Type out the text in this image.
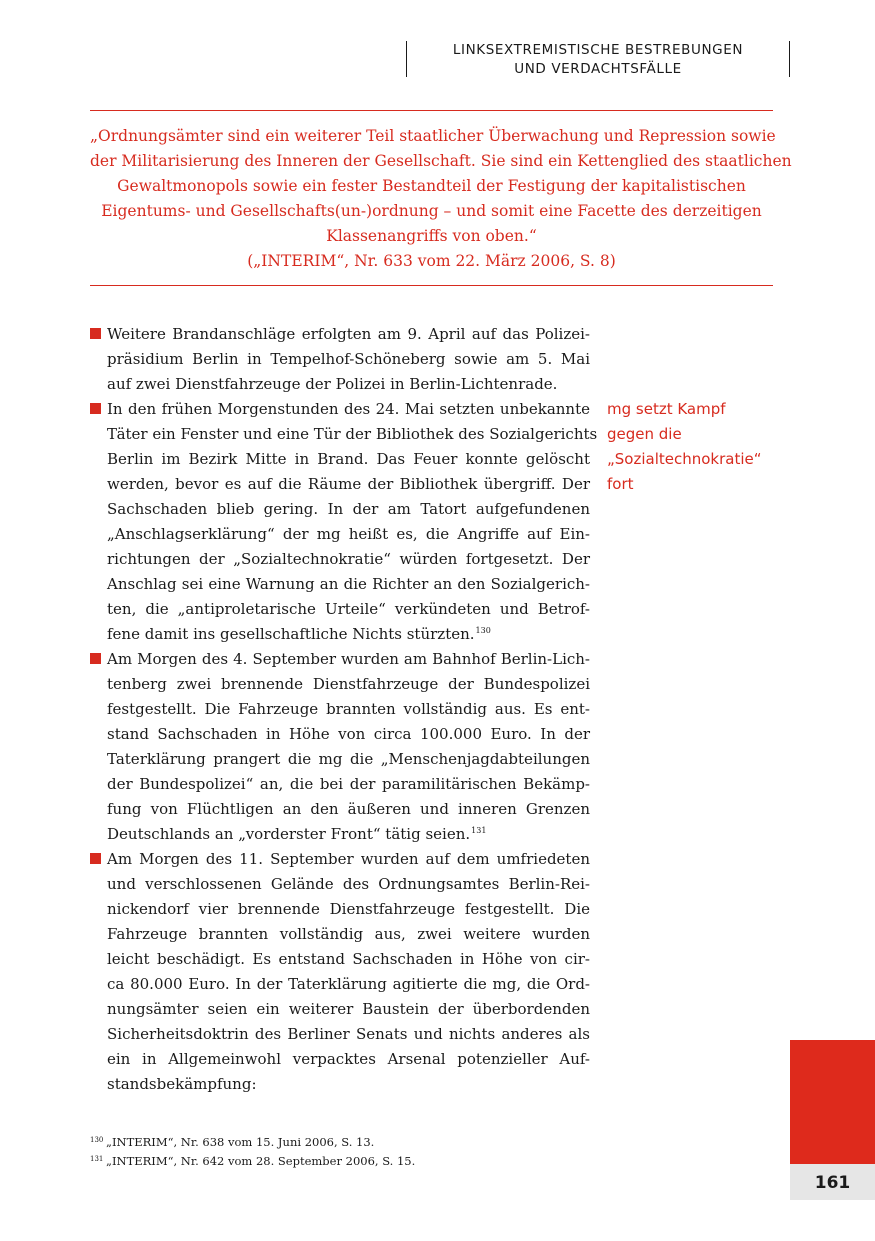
LINKSEXTREMISTISCHE BESTREBUNGEN
UND VERDACHTSFÄLLE
„Ordnungsämter sind ein weiterer Teil staatlicher Überwachung und Repression sowie
der Militarisierung des Inneren der Gesellschaft. Sie sind ein Kettenglied des staatlichen
Gewaltmonopols sowie ein fester Bestandteil der Festigung der kapitalistischen
Eigentums- und Gesellschafts(un-)ordnung – und somit eine Facette des derzeitigen
Klassenangriffs von oben.“
(„INTERIM“, Nr. 633 vom 22. März 2006, S. 8)
Weitere Brandanschläge erfolgten am 9. April auf das Polizei-
präsidium Berlin in Tempelhof-Schöneberg sowie am 5. Mai
auf zwei Dienstfahrzeuge der Polizei in Berlin-Lichtenrade.
In den frühen Morgenstunden des 24. Mai setzten unbekannte
Täter ein Fenster und eine Tür der Bibliothek des Sozialgerichts
Berlin im Bezirk Mitte in Brand. Das Feuer konnte gelöscht
werden, bevor es auf die Räume der Bibliothek übergriff. Der
Sachschaden blieb gering. In der am Tatort aufgefundenen
„Anschlagserklärung“ der mg heißt es, die Angriffe auf Ein-
richtungen der „Sozialtechnokratie“ würden fortgesetzt. Der
Anschlag sei eine Warnung an die Richter an den Sozialgerich-
ten, die „antiproletarische Urteile“ verkündeten und Betrof-
fene damit ins gesellschaftliche Nichts stürzten.$^{130}$
Am Morgen des 4. September wurden am Bahnhof Berlin-Lich-
tenberg zwei brennende Dienstfahrzeuge der Bundespolizei
festgestellt. Die Fahrzeuge brannten vollständig aus. Es ent-
stand Sachschaden in Höhe von circa 100.000 Euro. In der
Taterklärung prangert die mg die „Menschenjagdabteilungen
der Bundespolizei“ an, die bei der paramilitärischen Bekämp-
fung von Flüchtligen an den äußeren und inneren Grenzen
Deutschlands an „vorderster Front“ tätig seien.$^{131}$
Am Morgen des 11. September wurden auf dem umfriedeten
und verschlossenen Gelände des Ordnungsamtes Berlin-Rei-
nickendorf vier brennende Dienstfahrzeuge festgestellt. Die
Fahrzeuge brannten vollständig aus, zwei weitere wurden
leicht beschädigt. Es entstand Sachschaden in Höhe von cir-
ca 80.000 Euro. In der Taterklärung agitierte die mg, die Ord-
nungsämter seien ein weiterer Baustein der überbordenden
Sicherheitsdoktrin des Berliner Senats und nichts anderes als
ein in Allgemeinwohl verpacktes Arsenal potenzieller Auf-
standsbekämpfung:
mg setzt Kampf
gegen die
„Sozialtechnokratie“
fort
130 „INTERIM“, Nr. 638 vom 15. Juni 2006, S. 13.
131 „INTERIM“, Nr. 642 vom 28. September 2006, S. 15.
161
